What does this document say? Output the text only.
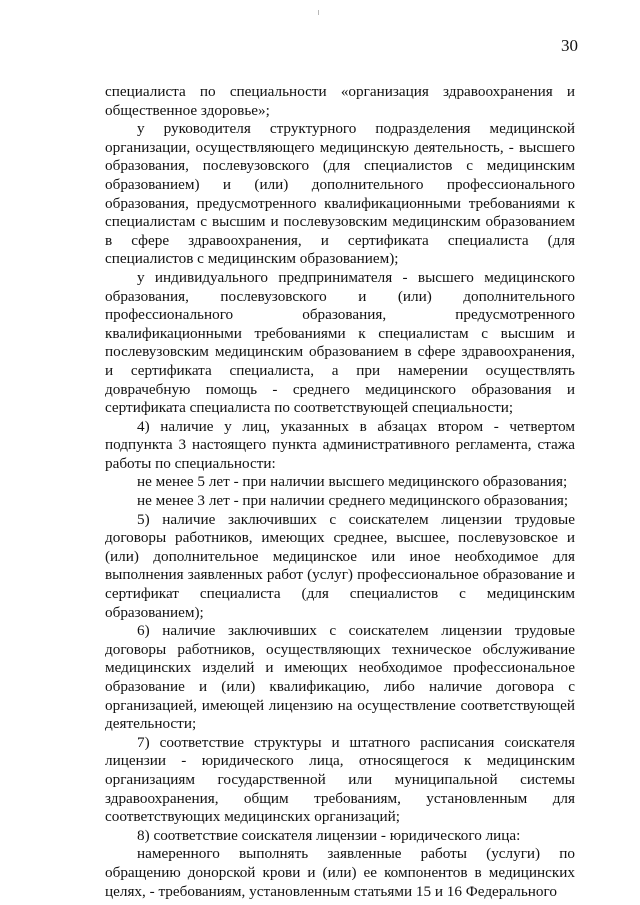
30

специалиста по специальности «организация здравоохранения и общественное здоровье»;

у руководителя структурного подразделения медицинской организации, осуществляющего медицинскую деятельность, - высшего образования, послевузовского (для специалистов с медицинским образованием) и (или) дополнительного профессионального образования, предусмотренного квалификационными требованиями к специалистам с высшим и послевузовским медицинским образованием в сфере здравоохранения, и сертификата специалиста (для специалистов с медицинским образованием);

у индивидуального предпринимателя - высшего медицинского образования, послевузовского и (или) дополнительного профессионального образования, предусмотренного квалификационными требованиями к специалистам с высшим и послевузовским медицинским образованием в сфере здравоохранения, и сертификата специалиста, а при намерении осуществлять доврачебную помощь - среднего медицинского образования и сертификата специалиста по соответствующей специальности;

4) наличие у лиц, указанных в абзацах втором - четвертом подпункта 3 настоящего пункта административного регламента, стажа работы по специальности:

не менее 5 лет - при наличии высшего медицинского образования;

не менее 3 лет - при наличии среднего медицинского образования;

5) наличие заключивших с соискателем лицензии трудовые договоры работников, имеющих среднее, высшее, послевузовское и (или) дополнительное медицинское или иное необходимое для выполнения заявленных работ (услуг) профессиональное образование и сертификат специалиста (для специалистов с медицинским образованием);

6) наличие заключивших с соискателем лицензии трудовые договоры работников, осуществляющих техническое обслуживание медицинских изделий и имеющих необходимое профессиональное образование и (или) квалификацию, либо наличие договора с организацией, имеющей лицензию на осуществление соответствующей деятельности;

7) соответствие структуры и штатного расписания соискателя лицензии - юридического лица, относящегося к медицинским организациям государственной или муниципальной системы здравоохранения, общим требованиям, установленным для соответствующих медицинских организаций;

8) соответствие соискателя лицензии - юридического лица:

намеренного выполнять заявленные работы (услуги) по обращению донорской крови и (или) ее компонентов в медицинских целях, - требованиям, установленным статьями 15 и 16 Федерального
